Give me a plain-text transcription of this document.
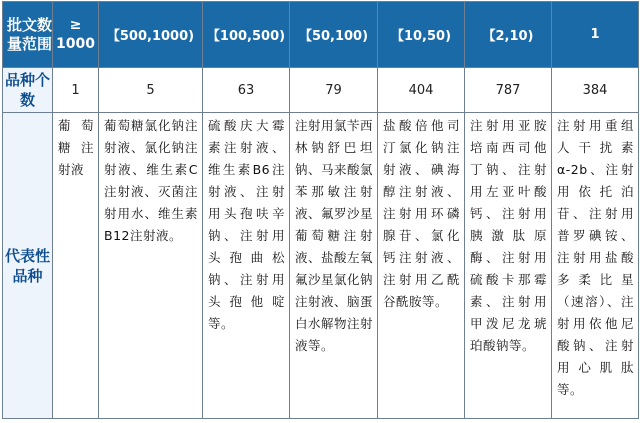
批文数量范围	≥ 1000	【500,1000)	【100,500)	【50,100)	【10,50)	【2,10)	1
品种个数	1	5	63	79	404	787	384
代表性品种	葡萄糖注射液	葡萄糖氯化钠注射液、氯化钠注射液、维生素C注射液、灭菌注射用水、维生素B12注射液。	硫酸庆大霉素注射液、维生素B6注射液、注射用头孢呋辛钠、注射用头孢曲松钠、注射用头孢他啶等。	注射用氯苄西林钠舒巴坦钠、马来酸氯苯那敏注射液、氟罗沙星葡萄糖注射液、盐酸左氧氟沙星氯化钠注射液、脑蛋白水解物注射液等。	盐酸倍他司汀氯化钠注射液、碘海醇注射液、注射用环磷腺苷、氯化钙注射液、注射用乙酰谷酰胺等。	注射用亚胺培南西司他丁钠、注射用左亚叶酸钙、注射用胰激肽原酶、注射用硫酸卡那霉素、注射用甲泼尼龙琥珀酸钠等。	注射用重组人干扰素α-2b、注射用依托泊苷、注射用普罗碘铵、注射用盐酸多柔比星（速溶）、注射用依他尼酸钠、注射用心肌肽等。
